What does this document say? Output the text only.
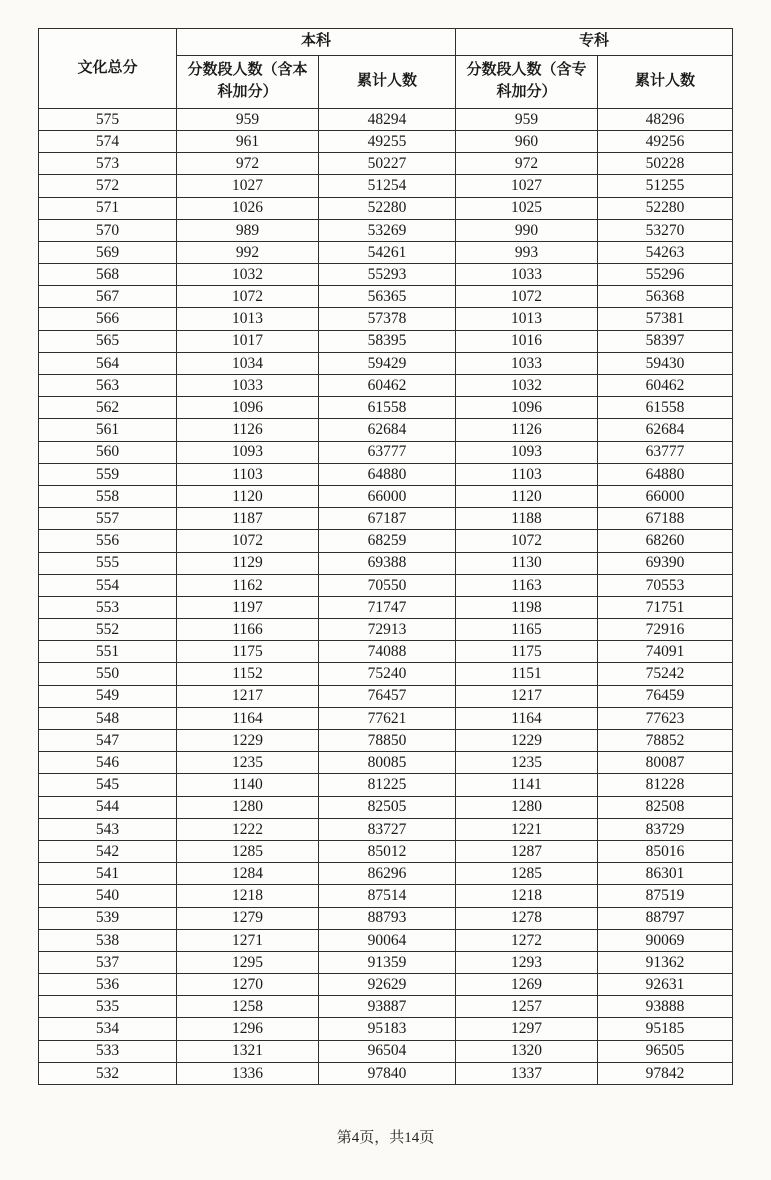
文化总分	本科		专科	
	分数段人数（含本科加分）	累计人数	分数段人数（含专科加分）	累计人数
575	959	48294	959	48296
574	961	49255	960	49256
573	972	50227	972	50228
572	1027	51254	1027	51255
571	1026	52280	1025	52280
570	989	53269	990	53270
569	992	54261	993	54263
568	1032	55293	1033	55296
567	1072	56365	1072	56368
566	1013	57378	1013	57381
565	1017	58395	1016	58397
564	1034	59429	1033	59430
563	1033	60462	1032	60462
562	1096	61558	1096	61558
561	1126	62684	1126	62684
560	1093	63777	1093	63777
559	1103	64880	1103	64880
558	1120	66000	1120	66000
557	1187	67187	1188	67188
556	1072	68259	1072	68260
555	1129	69388	1130	69390
554	1162	70550	1163	70553
553	1197	71747	1198	71751
552	1166	72913	1165	72916
551	1175	74088	1175	74091
550	1152	75240	1151	75242
549	1217	76457	1217	76459
548	1164	77621	1164	77623
547	1229	78850	1229	78852
546	1235	80085	1235	80087
545	1140	81225	1141	81228
544	1280	82505	1280	82508
543	1222	83727	1221	83729
542	1285	85012	1287	85016
541	1284	86296	1285	86301
540	1218	87514	1218	87519
539	1279	88793	1278	88797
538	1271	90064	1272	90069
537	1295	91359	1293	91362
536	1270	92629	1269	92631
535	1258	93887	1257	93888
534	1296	95183	1297	95185
533	1321	96504	1320	96505
532	1336	97840	1337	97842
第4页，共14页
